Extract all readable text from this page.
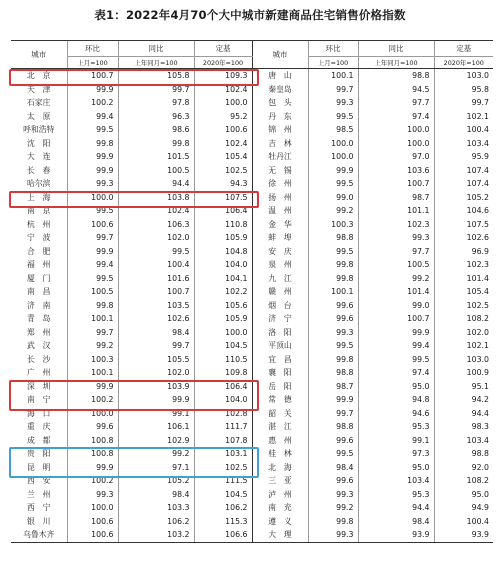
表1：2022年4月70个大中城市新建商品住宅销售价格指数
城市	环比	同比	定基	城市	环比	同比	定基
	上月=100	上年同月=100	2020年=100		上月=100	上年同月=100	2020年=100
北　京	100.7	105.8	109.3	唐　山	100.1	98.8	103.0
天　津	99.9	99.7	102.4	秦皇岛	99.7	94.5	95.8
石家庄	100.2	97.8	100.0	包　头	99.3	97.7	99.7
太　原	99.4	96.3	95.2	丹　东	99.5	97.4	102.1
呼和浩特	99.5	98.6	100.6	锦　州	98.5	100.0	100.4
沈　阳	99.8	99.8	102.4	吉　林	100.0	100.0	103.4
大　连	99.9	101.5	105.4	牡丹江	100.0	97.0	95.9
长　春	99.9	100.5	102.5	无　锡	99.9	103.6	107.4
哈尔滨	99.3	94.4	94.3	徐　州	99.5	100.7	107.4
上　海	100.0	103.8	107.5	扬　州	99.0	98.7	105.2
南　京	99.5	102.4	106.4	温　州	99.2	101.1	104.6
杭　州	100.6	106.3	110.8	金　华	100.3	102.3	107.5
宁　波	99.7	102.0	105.9	蚌　埠	98.8	99.3	102.6
合　肥	99.9	99.5	104.8	安　庆	99.5	97.7	96.9
福　州	99.4	100.4	104.0	泉　州	99.8	100.5	102.3
厦　门	99.5	101.6	104.1	九　江	99.8	99.2	101.4
南　昌	100.5	100.7	102.2	赣　州	100.1	101.4	105.4
济　南	99.8	103.5	105.6	烟　台	99.6	99.0	102.5
青　岛	100.1	102.6	105.9	济　宁	99.6	100.7	108.2
郑　州	99.7	98.4	100.0	洛　阳	99.3	99.9	102.0
武　汉	99.2	99.7	104.5	平顶山	99.5	99.4	102.1
长　沙	100.3	105.5	110.5	宜　昌	99.8	99.5	103.0
广　州	100.1	102.0	109.8	襄　阳	98.8	97.4	100.9
深　圳	99.9	103.9	106.4	岳　阳	98.7	95.0	95.1
南　宁	100.2	99.9	104.0	常　德	99.9	94.8	94.2
海　口	100.0	99.1	102.8	韶　关	99.7	94.6	94.4
重　庆	99.6	106.1	111.7	湛　江	98.8	95.3	98.3
成　都	100.8	102.9	107.8	惠　州	99.6	99.1	103.4
贵　阳	100.8	99.2	103.1	桂　林	99.5	97.3	98.8
昆　明	99.9	97.1	102.5	北　海	98.4	95.0	92.0
西　安	100.2	105.2	111.5	三　亚	99.6	103.4	108.2
兰　州	99.3	98.4	104.5	泸　州	99.3	95.3	95.0
西　宁	100.0	103.3	106.2	南　充	99.2	94.4	94.9
银　川	100.6	106.2	115.3	遵　义	99.8	98.4	100.4
乌鲁木齐	100.6	103.2	106.6	大　理	99.3	93.9	93.9
